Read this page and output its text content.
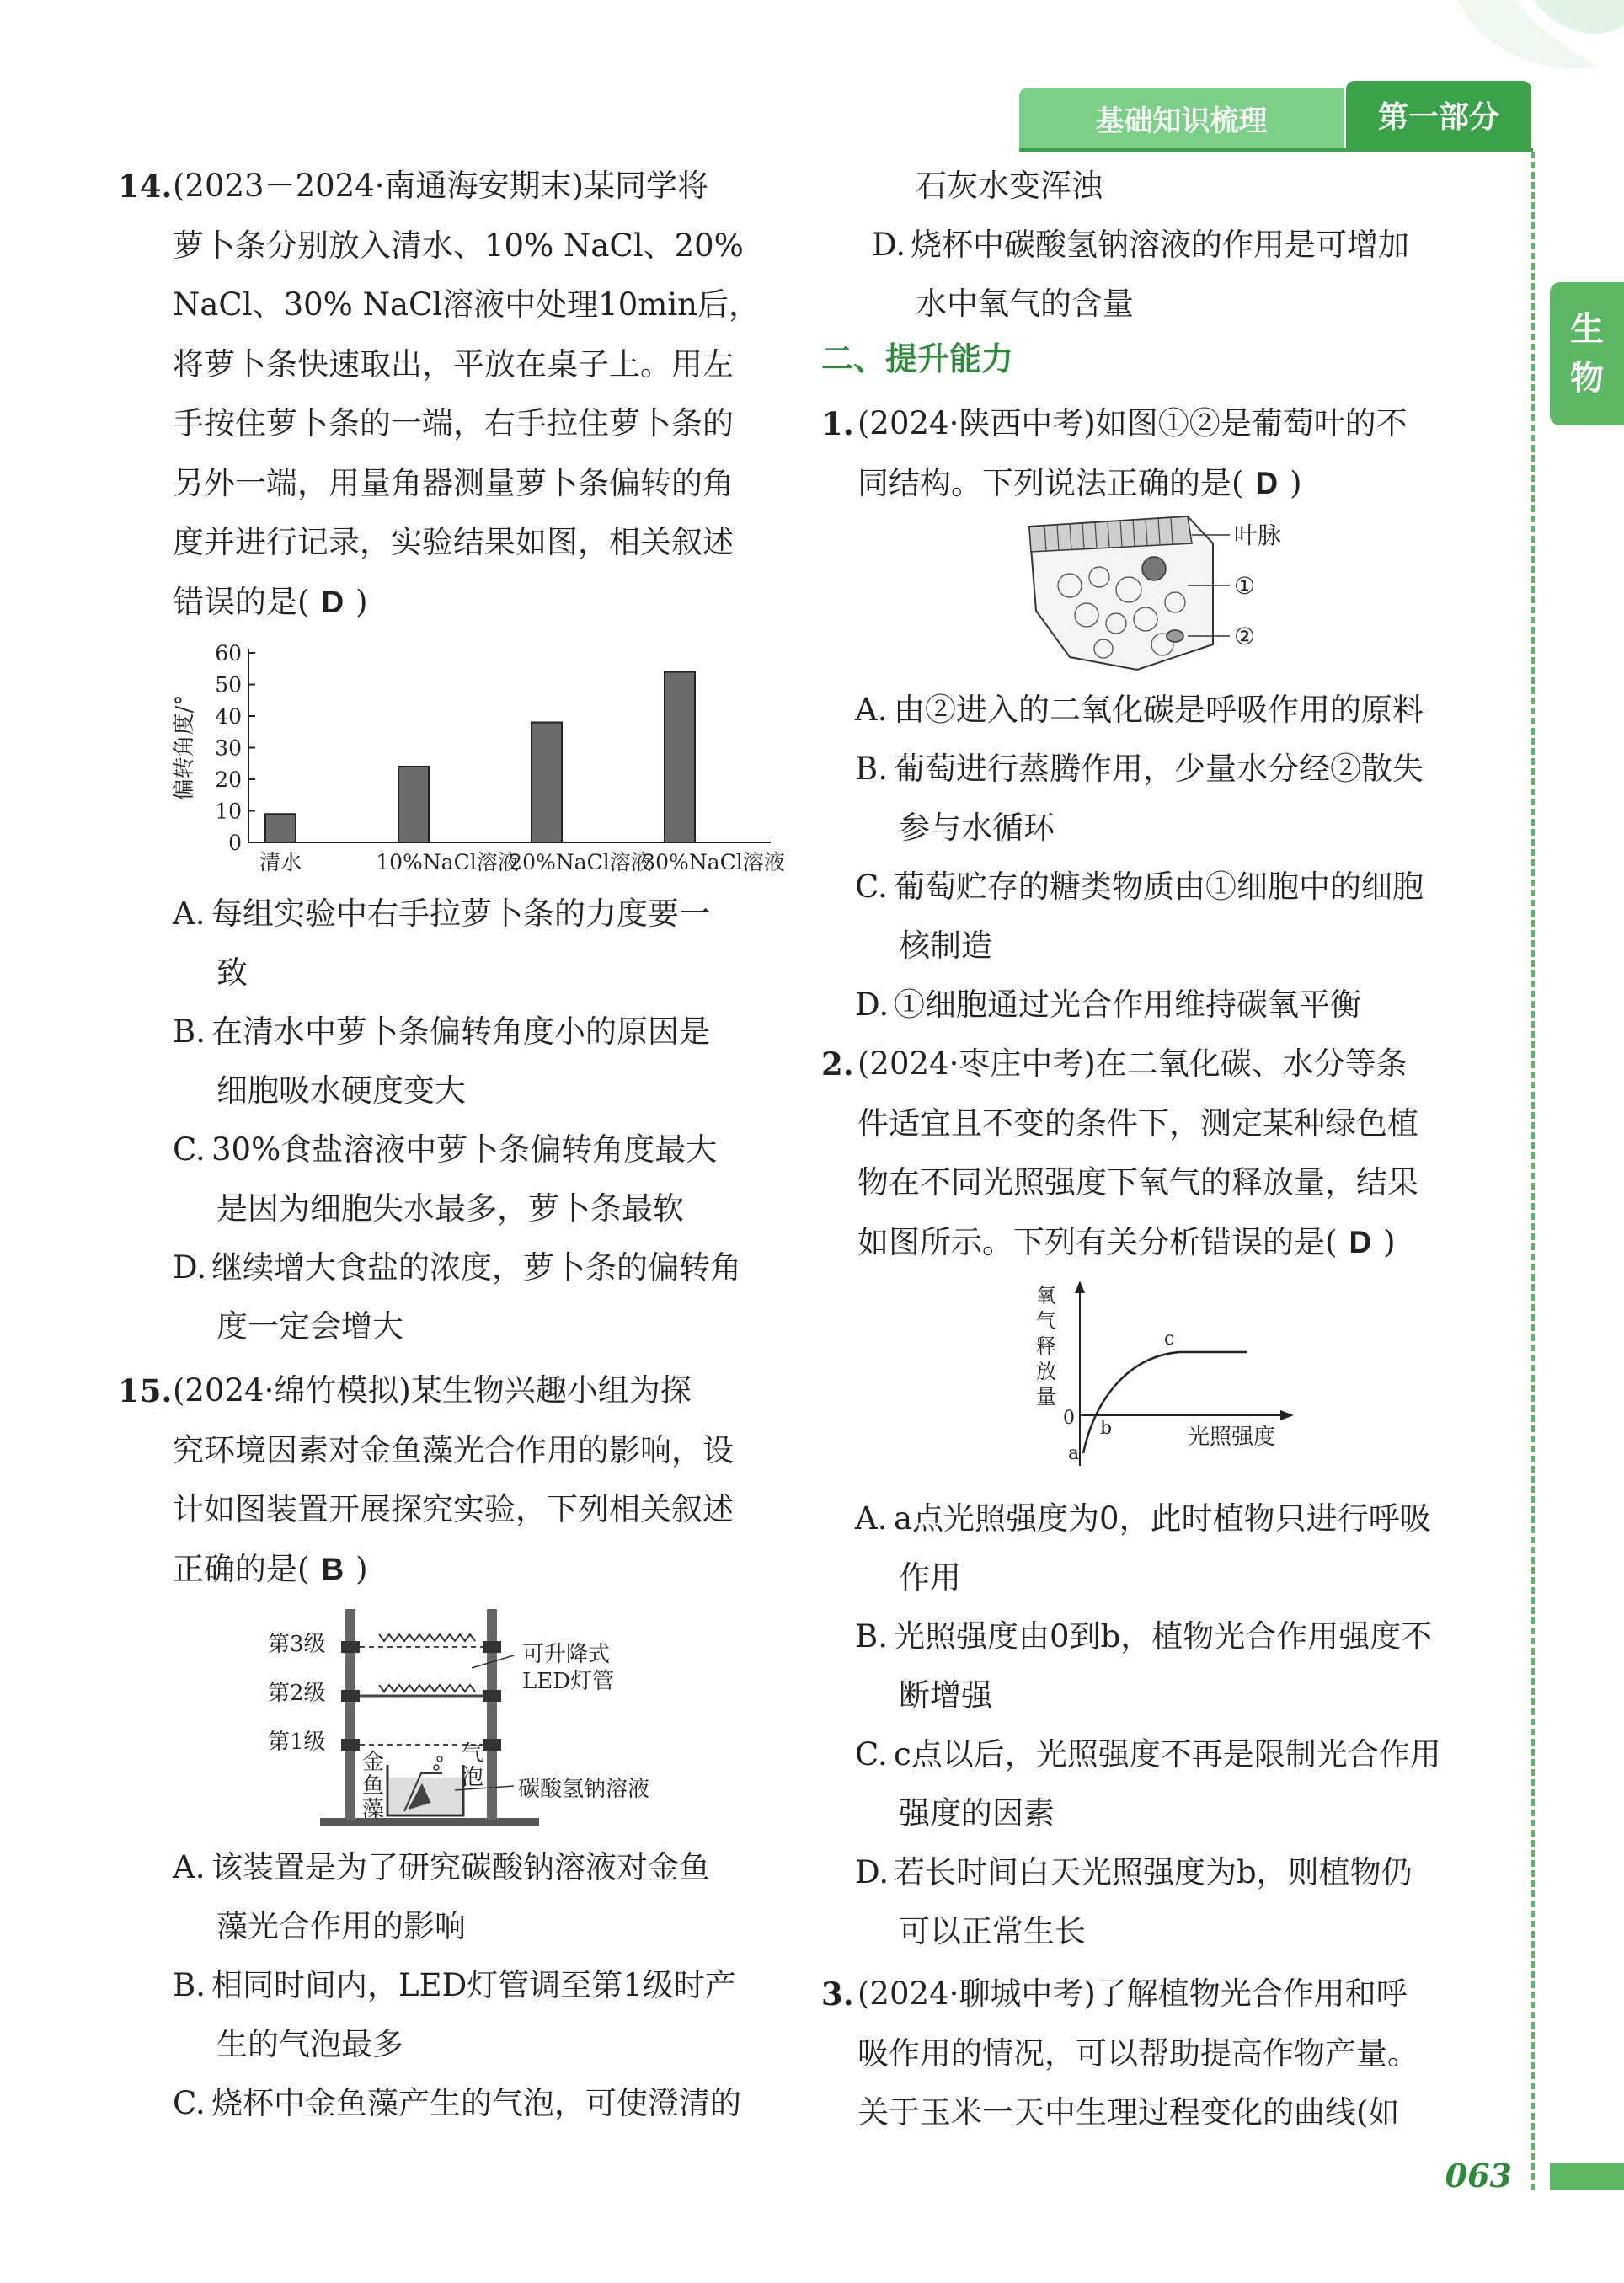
基础知识梳理	第一部分
生
物
14. (2023－2024·南通海安期末)某同学将
萝卜条分别放入清水、10% NaCl、20%
NaCl、30% NaCl溶液中处理10min后，
将萝卜条快速取出，平放在桌子上。用左
手按住萝卜条的一端，右手拉住萝卜条的
另外一端，用量角器测量萝卜条偏转的角
度并进行记录，实验结果如图，相关叙述
错误的是( D )
0
10
20
30
40
50
60
偏转角度/°
清水	10%NaCl溶液
20%NaCl溶液
30%NaCl溶液
A. 每组实验中右手拉萝卜条的力度要一
致
B. 在清水中萝卜条偏转角度小的原因是
细胞吸水硬度变大
C. 30%食盐溶液中萝卜条偏转角度最大
是因为细胞失水最多，萝卜条最软
D. 继续增大食盐的浓度，萝卜条的偏转角
度一定会增大
15. (2024·绵竹模拟)某生物兴趣小组为探
究环境因素对金鱼藻光合作用的影响，设
计如图装置开展探究实验，下列相关叙述
正确的是( B )
第3级
第2级
第1级
可升降式
LED灯管
金
鱼
藻
气
泡 碳酸氢钠溶液
A. 该装置是为了研究碳酸钠溶液对金鱼
藻光合作用的影响
B. 相同时间内，LED灯管调至第1级时产
生的气泡最多
C. 烧杯中金鱼藻产生的气泡，可使澄清的
石灰水变浑浊
D. 烧杯中碳酸氢钠溶液的作用是可增加
水中氧气的含量
二、提升能力
1. (2024·陕西中考)如图①②是葡萄叶的不
同结构。下列说法正确的是( D )
叶脉
①
②
A. 由②进入的二氧化碳是呼吸作用的原料
B. 葡萄进行蒸腾作用，少量水分经②散失
参与水循环
C. 葡萄贮存的糖类物质由①细胞中的细胞
核制造
D. ①细胞通过光合作用维持碳氧平衡
2. (2024·枣庄中考)在二氧化碳、水分等条
件适宜且不变的条件下，测定某种绿色植
物在不同光照强度下氧气的释放量，结果
如图所示。下列有关分析错误的是( D )
氧
气
释
放
量
0
a
b
c
光照强度
A. a点光照强度为0，此时植物只进行呼吸
作用
B. 光照强度由0到b，植物光合作用强度不
断增强
C. c点以后，光照强度不再是限制光合作用
强度的因素
D. 若长时间白天光照强度为b，则植物仍
可以正常生长
3. (2024·聊城中考)了解植物光合作用和呼
吸作用的情况，可以帮助提高作物产量。
关于玉米一天中生理过程变化的曲线(如
063
